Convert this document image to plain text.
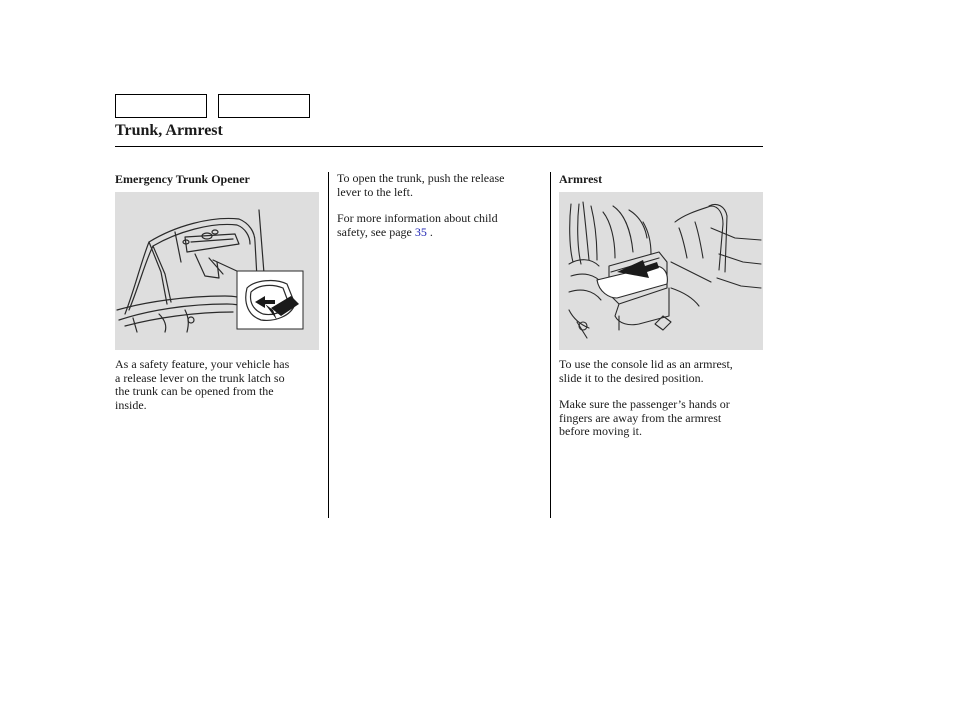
Trunk, Armrest
Emergency Trunk Opener

As a safety feature, your vehicle has
a release lever on the trunk latch so
the trunk can be opened from the
inside.

To open the trunk, push the release
lever to the left.

For more information about child
safety, see page 35 .

Armrest

To use the console lid as an armrest,
slide it to the desired position.

Make sure the passenger’s hands or
fingers are away from the armrest
before moving it.
